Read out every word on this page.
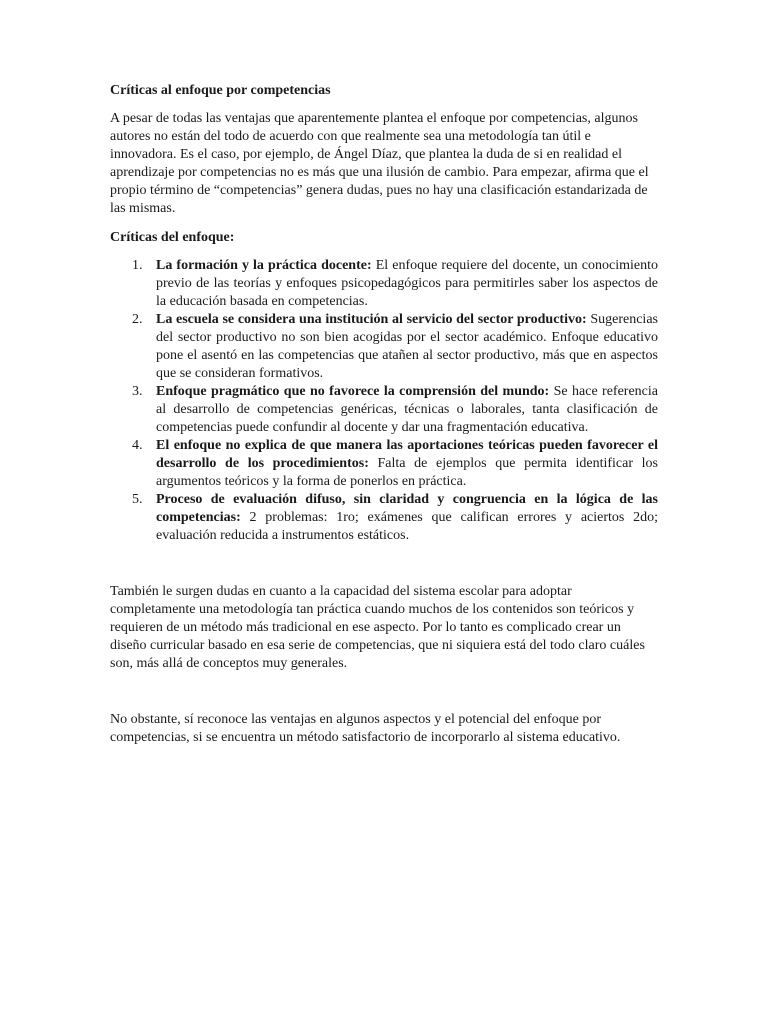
Críticas al enfoque por competencias

A pesar de todas las ventajas que aparentemente plantea el enfoque por competencias, algunos autores no están del todo de acuerdo con que realmente sea una metodología tan útil e innovadora. Es el caso, por ejemplo, de Ángel Díaz, que plantea la duda de si en realidad el aprendizaje por competencias no es más que una ilusión de cambio. Para empezar, afirma que el propio término de “competencias” genera dudas, pues no hay una clasificación estandarizada de las mismas.

Críticas del enfoque:

1. La formación y la práctica docente: El enfoque requiere del docente, un conocimiento previo de las teorías y enfoques psicopedagógicos para permitirles saber los aspectos de la educación basada en competencias.
2. La escuela se considera una institución al servicio del sector productivo: Sugerencias del sector productivo no son bien acogidas por el sector académico. Enfoque educativo pone el asentó en las competencias que atañen al sector productivo, más que en aspectos que se consideran formativos.
3. Enfoque pragmático que no favorece la comprensión del mundo: Se hace referencia al desarrollo de competencias genéricas, técnicas o laborales, tanta clasificación de competencias puede confundir al docente y dar una fragmentación educativa.
4. El enfoque no explica de que manera las aportaciones teóricas pueden favorecer el desarrollo de los procedimientos: Falta de ejemplos que permita identificar los argumentos teóricos y la forma de ponerlos en práctica.
5. Proceso de evaluación difuso, sin claridad y congruencia en la lógica de las competencias: 2 problemas: 1ro; exámenes que califican errores y aciertos 2do; evaluación reducida a instrumentos estáticos.

También le surgen dudas en cuanto a la capacidad del sistema escolar para adoptar completamente una metodología tan práctica cuando muchos de los contenidos son teóricos y requieren de un método más tradicional en ese aspecto. Por lo tanto es complicado crear un diseño curricular basado en esa serie de competencias, que ni siquiera está del todo claro cuáles son, más allá de conceptos muy generales.

No obstante, sí reconoce las ventajas en algunos aspectos y el potencial del enfoque por competencias, si se encuentra un método satisfactorio de incorporarlo al sistema educativo.
